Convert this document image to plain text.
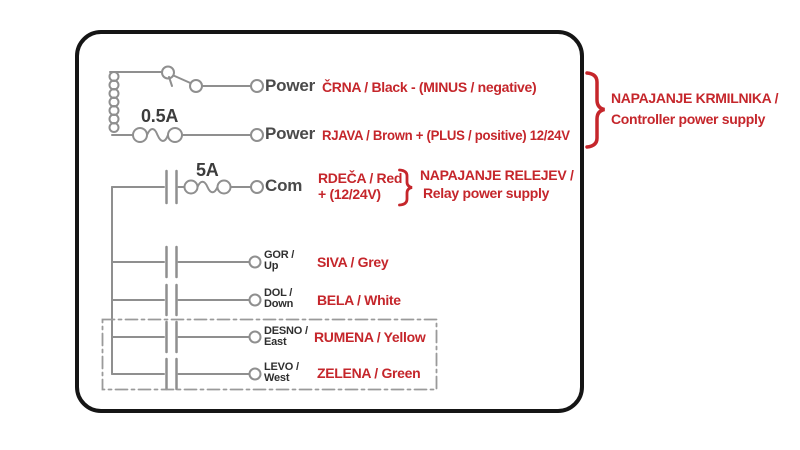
Power
Power
Com
GOR /
Up
DOL /
Down
DESNO /
East
LEVO /
West
0.5A
5A
ČRNA / Black - (MINUS / negative)
RJAVA / Brown + (PLUS / positive) 12/24V
RDEČA / Red
+ (12/24V)
SIVA / Grey
BELA / White
RUMENA / Yellow
ZELENA / Green
NAPAJANJE KRMILNIKA /
Controller power supply
NAPAJANJE RELEJEV /
Relay power supply
